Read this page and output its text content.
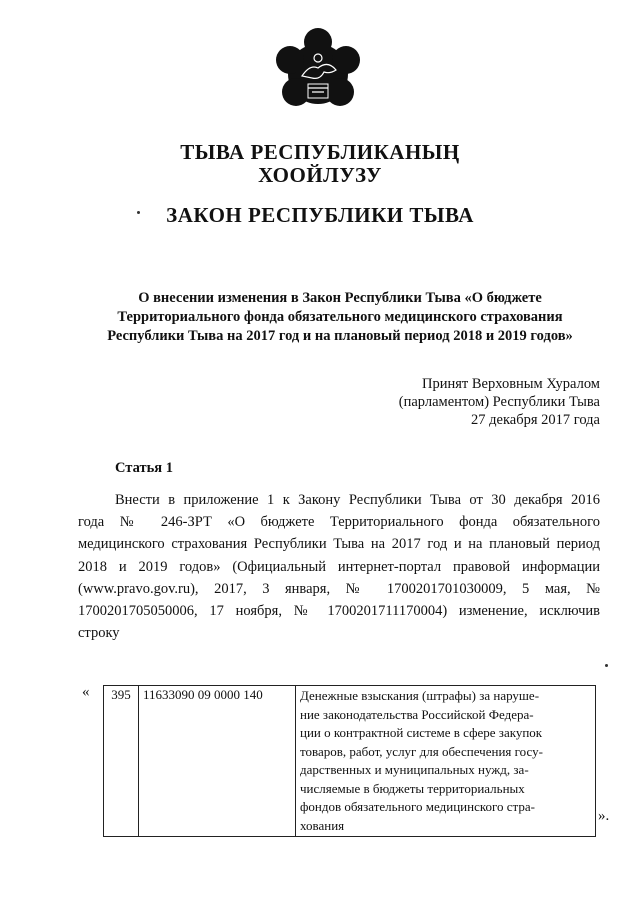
ТЫВА РЕСПУБЛИКАНЫҢ
ХООЙЛУЗУ
ЗАКОН РЕСПУБЛИКИ ТЫВА
О внесении изменения в Закон Республики Тыва «О бюджете
Территориального фонда обязательного медицинского страхования
Республики Тыва на 2017 год и на плановый период 2018 и 2019 годов»
Принят Верховным Хуралом
(парламентом) Республики Тыва
27 декабря 2017 года
Статья 1
Внести в приложение 1 к Закону Республики Тыва от 30 декабря 2016
года № 246-ЗРТ «О бюджете Территориального фонда обязательного
медицинского страхования Республики Тыва на 2017 год и на плановый период
2018 и 2019 годов» (Официальный интернет-портал правовой информации
(www.pravo.gov.ru), 2017, 3 января, № 1700201701030009, 5 мая, №
1700201705050006, 17 ноября, № 1700201711170004) изменение, исключив
строку
« 395	11633090 09 0000 140	Денежные взыскания (штрафы) за наруше-
ние законодательства Российской Федера-
ции о контрактной системе в сфере закупок
товаров, работ, услуг для обеспечения госу-
дарственных и муниципальных нужд, за-
числяемые в бюджеты территориальных
фондов обязательного медицинского стра-
хования
».
